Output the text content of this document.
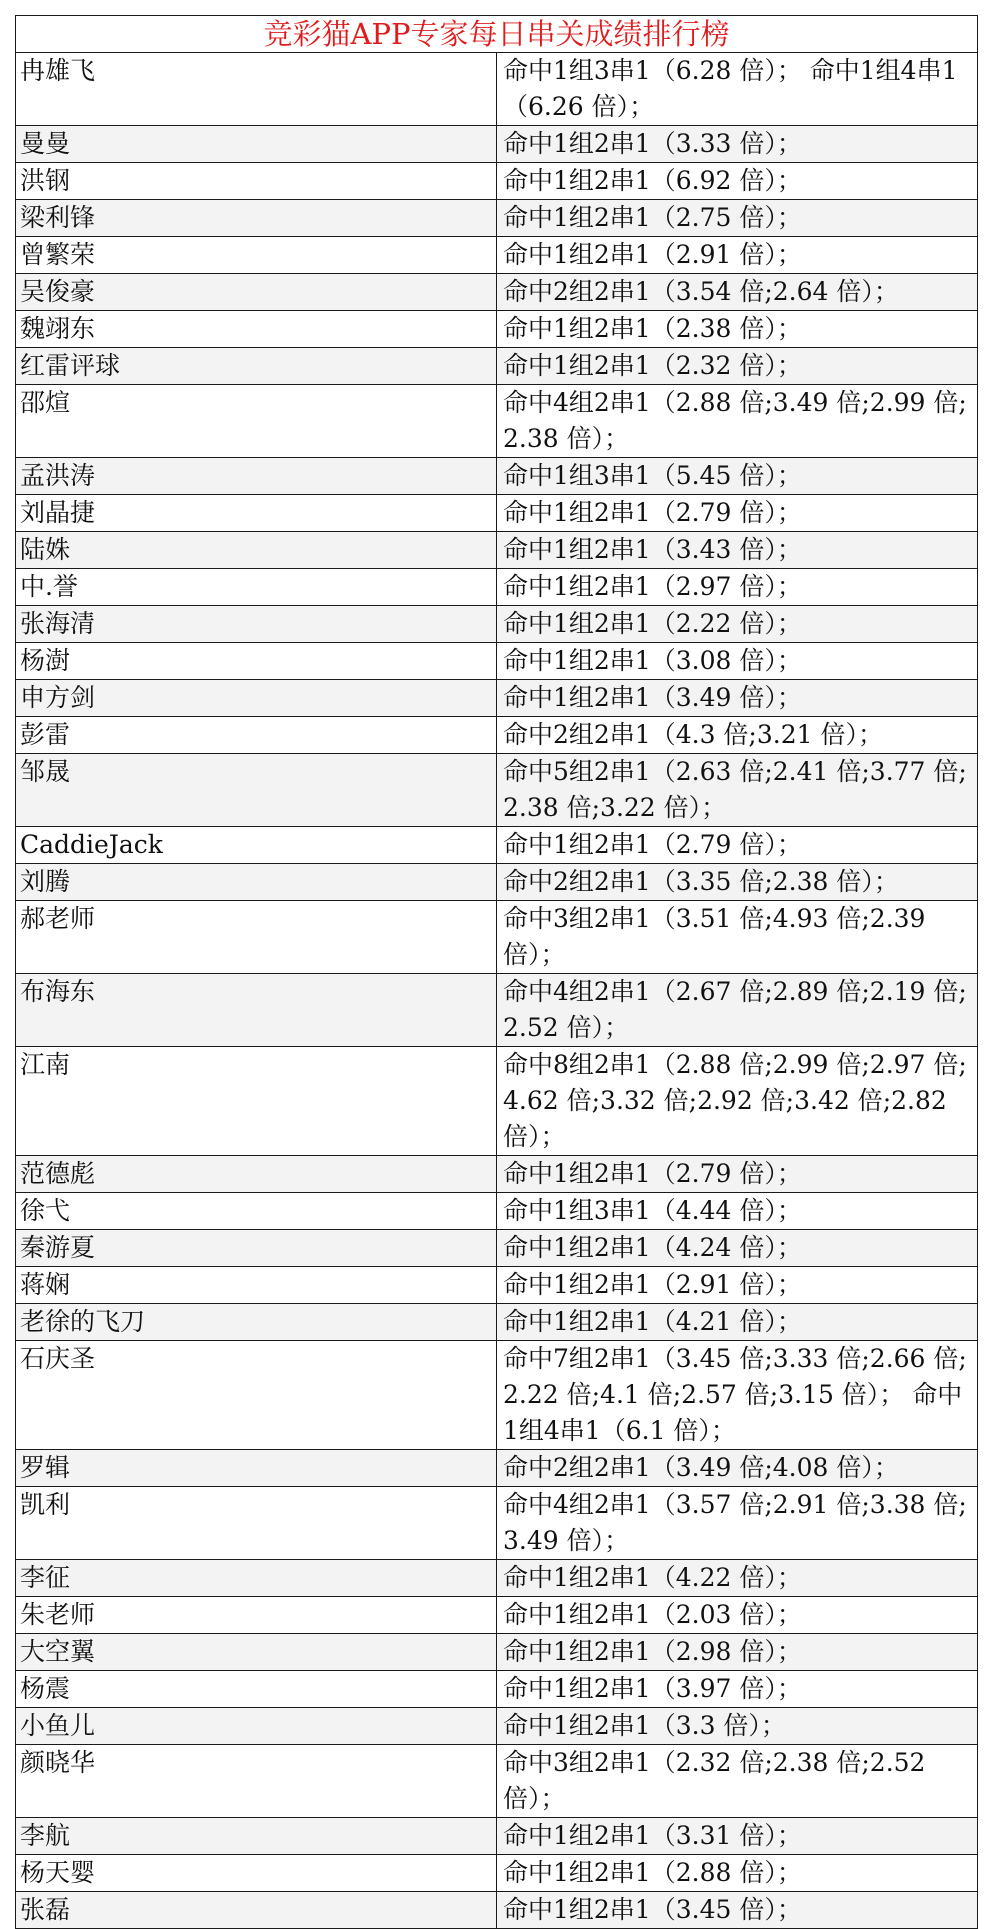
竞彩猫APP专家每日串关成绩排行榜	
冉雄飞	命中1组3串1（6.28 倍）； 命中1组4串1（6.26 倍）；
曼曼	命中1组2串1（3.33 倍）；
洪钢	命中1组2串1（6.92 倍）；
梁利锋	命中1组2串1（2.75 倍）；
曾繁荣	命中1组2串1（2.91 倍）；
吴俊豪	命中2组2串1（3.54 倍;2.64 倍）；
魏翊东	命中1组2串1（2.38 倍）；
红雷评球	命中1组2串1（2.32 倍）；
邵煊	命中4组2串1（2.88 倍;3.49 倍;2.99 倍;2.38 倍）；
孟洪涛	命中1组3串1（5.45 倍）；
刘晶捷	命中1组2串1（2.79 倍）；
陆姝	命中1组2串1（3.43 倍）；
中.誉	命中1组2串1（2.97 倍）；
张海清	命中1组2串1（2.22 倍）；
杨澍	命中1组2串1（3.08 倍）；
申方剑	命中1组2串1（3.49 倍）；
彭雷	命中2组2串1（4.3 倍;3.21 倍）；
邹晟	命中5组2串1（2.63 倍;2.41 倍;3.77 倍;2.38 倍;3.22 倍）；
CaddieJack	命中1组2串1（2.79 倍）；
刘腾	命中2组2串1（3.35 倍;2.38 倍）；
郝老师	命中3组2串1（3.51 倍;4.93 倍;2.39 倍）；
布海东	命中4组2串1（2.67 倍;2.89 倍;2.19 倍;2.52 倍）；
江南	命中8组2串1（2.88 倍;2.99 倍;2.97 倍;4.62 倍;3.32 倍;2.92 倍;3.42 倍;2.82 倍）；
范德彪	命中1组2串1（2.79 倍）；
徐弋	命中1组3串1（4.44 倍）；
秦游夏	命中1组2串1（4.24 倍）；
蒋娴	命中1组2串1（2.91 倍）；
老徐的飞刀	命中1组2串1（4.21 倍）；
石庆圣	命中7组2串1（3.45 倍;3.33 倍;2.66 倍;2.22 倍;4.1 倍;2.57 倍;3.15 倍）； 命中1组4串1（6.1 倍）；
罗辑	命中2组2串1（3.49 倍;4.08 倍）；
凯利	命中4组2串1（3.57 倍;2.91 倍;3.38 倍;3.49 倍）；
李征	命中1组2串1（4.22 倍）；
朱老师	命中1组2串1（2.03 倍）；
大空翼	命中1组2串1（2.98 倍）；
杨震	命中1组2串1（3.97 倍）；
小鱼儿	命中1组2串1（3.3 倍）；
颜晓华	命中3组2串1（2.32 倍;2.38 倍;2.52 倍）；
李航	命中1组2串1（3.31 倍）；
杨天婴	命中1组2串1（2.88 倍）；
张磊	命中1组2串1（3.45 倍）；
